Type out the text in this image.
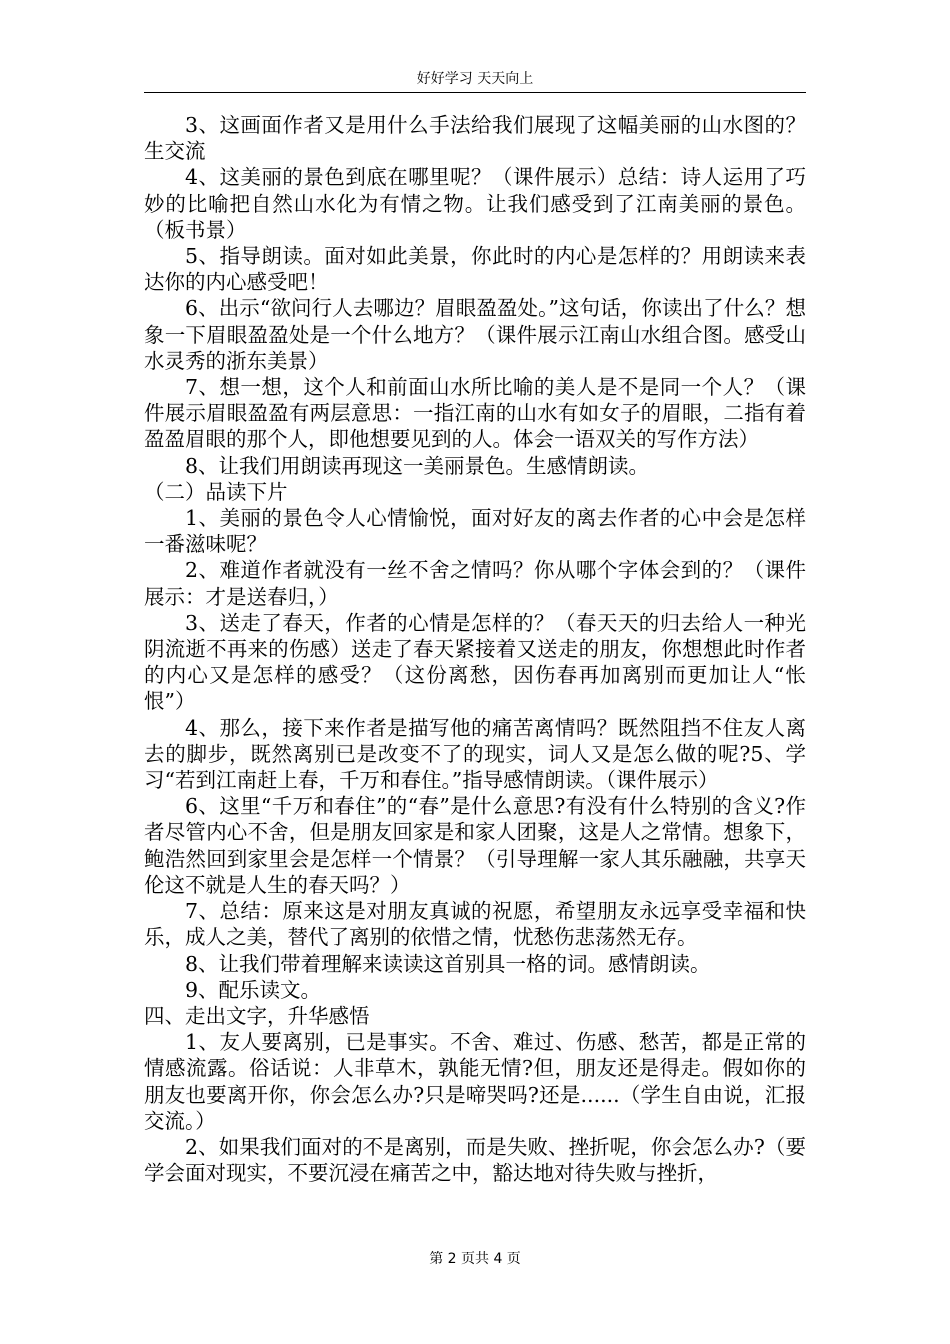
好好学习 天天向上

3、这画面作者又是用什么手法给我们展现了这幅美丽的山水图的？生交流

4、这美丽的景色到底在哪里呢？（课件展示）总结：诗人运用了巧妙的比喻把自然山水化为有情之物。让我们感受到了江南美丽的景色。（板书景）

5、指导朗读。面对如此美景，你此时的内心是怎样的？用朗读来表达你的内心感受吧！

6、出示“欲问行人去哪边？眉眼盈盈处。”这句话，你读出了什么？想象一下眉眼盈盈处是一个什么地方？（课件展示江南山水组合图。感受山水灵秀的浙东美景）

7、想一想，这个人和前面山水所比喻的美人是不是同一个人？（课件展示眉眼盈盈有两层意思：一指江南的山水有如女子的眉眼，二指有着盈盈眉眼的那个人，即他想要见到的人。体会一语双关的写作方法）

8、让我们用朗读再现这一美丽景色。生感情朗读。

（二）品读下片

1、美丽的景色令人心情愉悦，面对好友的离去作者的心中会是怎样一番滋味呢？

2、难道作者就没有一丝不舍之情吗？你从哪个字体会到的？（课件展示：才是送春归，）

3、送走了春天，作者的心情是怎样的？（春天天的归去给人一种光阴流逝不再来的伤感）送走了春天紧接着又送走的朋友，你想想此时作者的内心又是怎样的感受？（这份离愁，因伤春再加离别而更加让人“怅恨”）

4、那么，接下来作者是描写他的痛苦离情吗？既然阻挡不住友人离去的脚步，既然离别已是改变不了的现实，词人又是怎么做的呢?5、学习“若到江南赶上春，千万和春住。”指导感情朗读。（课件展示）

6、这里“千万和春住”的“春”是什么意思?有没有什么特别的含义?作者尽管内心不舍，但是朋友回家是和家人团聚，这是人之常情。想象下，鲍浩然回到家里会是怎样一个情景？（引导理解一家人其乐融融，共享天伦这不就是人生的春天吗？）

7、总结：原来这是对朋友真诚的祝愿，希望朋友永远享受幸福和快乐，成人之美，替代了离别的依惜之情，忧愁伤悲荡然无存。

8、让我们带着理解来读读这首别具一格的词。感情朗读。

9、配乐读文。

四、走出文字，升华感悟

1、友人要离别，已是事实。不舍、难过、伤感、愁苦，都是正常的情感流露。俗话说：人非草木，孰能无情?但，朋友还是得走。假如你的朋友也要离开你，你会怎么办?只是啼哭吗?还是......（学生自由说，汇报交流。）

2、如果我们面对的不是离别，而是失败、挫折呢，你会怎么办?（要学会面对现实，不要沉浸在痛苦之中，豁达地对待失败与挫折，

第 2 页共 4 页
